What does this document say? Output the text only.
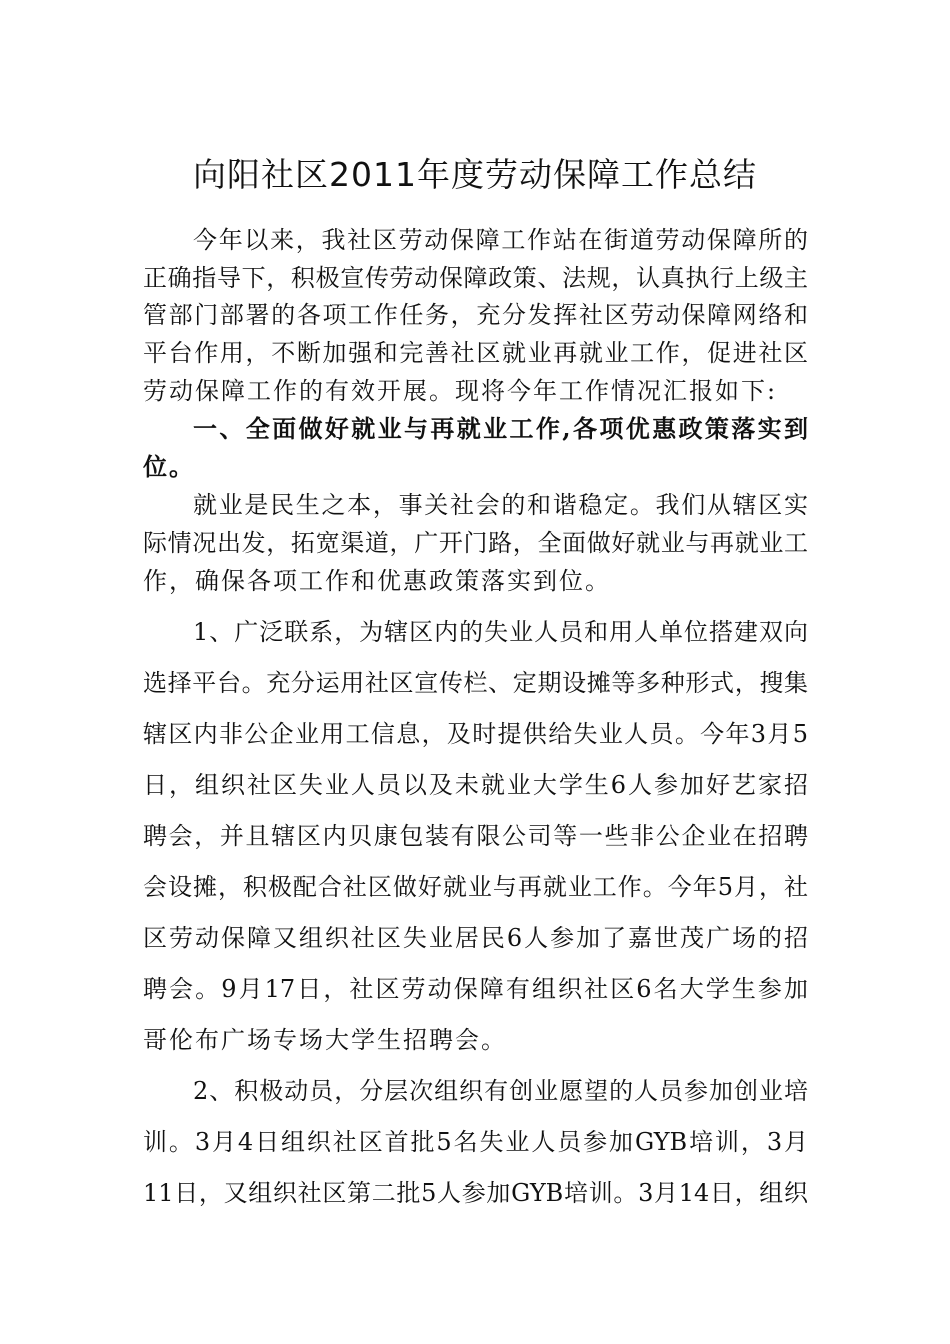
向阳社区2011年度劳动保障工作总结
今年以来，我社区劳动保障工作站在街道劳动保障所的
正确指导下，积极宣传劳动保障政策、法规，认真执行上级主
管部门部署的各项工作任务，充分发挥社区劳动保障网络和
平台作用，不断加强和完善社区就业再就业工作，促进社区
劳动保障工作的有效开展。现将今年工作情况汇报如下:
一、全面做好就业与再就业工作,各项优惠政策落实到
位。
就业是民生之本，事关社会的和谐稳定。我们从辖区实
际情况出发，拓宽渠道，广开门路，全面做好就业与再就业工
作，确保各项工作和优惠政策落实到位。
1、广泛联系，为辖区内的失业人员和用人单位搭建双向
选择平台。充分运用社区宣传栏、定期设摊等多种形式，搜集
辖区内非公企业用工信息，及时提供给失业人员。今年3月5
日，组织社区失业人员以及未就业大学生6人参加好艺家招
聘会，并且辖区内贝康包装有限公司等一些非公企业在招聘
会设摊，积极配合社区做好就业与再就业工作。今年5月，社
区劳动保障又组织社区失业居民6人参加了嘉世茂广场的招
聘会。9月17日，社区劳动保障有组织社区6名大学生参加
哥伦布广场专场大学生招聘会。
2、积极动员，分层次组织有创业愿望的人员参加创业培
训。3月4日组织社区首批5名失业人员参加GYB培训，3月
11日，又组织社区第二批5人参加GYB培训。3月14日，组织
